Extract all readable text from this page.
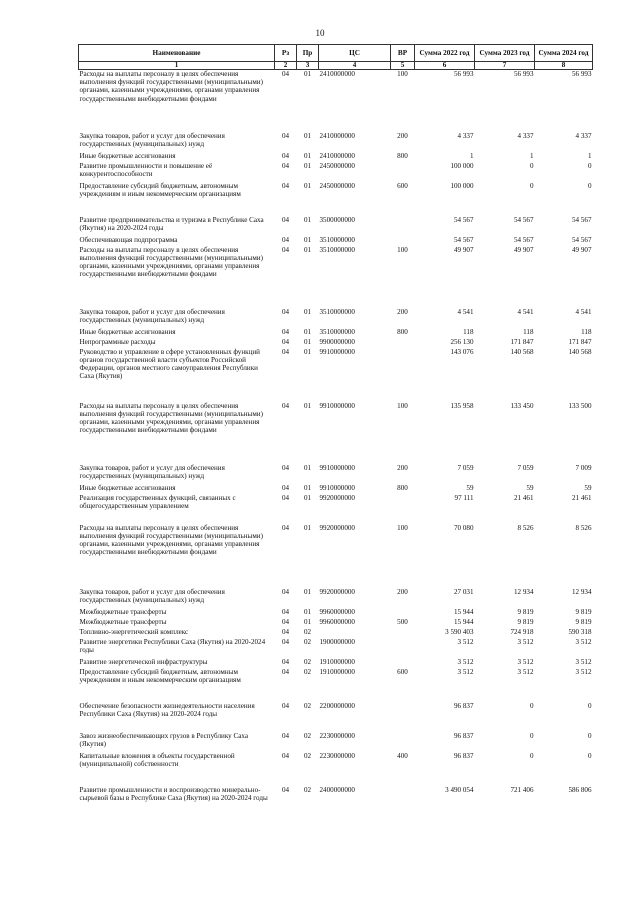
10
Наименование	Рз	Пр	ЦС	ВР	Сумма 2022 год	Сумма 2023 год	Сумма 2024 год
1	2	3	4	5	6	7	8
Расходы на выплаты персоналу в целях обеспечения выполнения функций государственными (муниципальными) органами, казенными учреждениями, органами управления государственными внебюджетными фондами	04	01	2410000000	100	56 993	56 993	56 993
Закупка товаров, работ и услуг для обеспечения государственных (муниципальных) нужд	04	01	2410000000	200	4 337	4 337	4 337
Иные бюджетные ассигнования	04	01	2410000000	800	1	1	1
Развитие промышленности и повышение её конкурентоспособности	04	01	2450000000		100 000	0	0
Предоставление субсидий бюджетным, автономным учреждениям и иным некоммерческим организациям	04	01	2450000000	600	100 000	0	0
Развитие предпринимательства и туризма в Республике Саха (Якутия) на 2020-2024 годы	04	01	3500000000		54 567	54 567	54 567
Обеспечивающая подпрограмма	04	01	3510000000		54 567	54 567	54 567
Расходы на выплаты персоналу в целях обеспечения выполнения функций государственными (муниципальными) органами, казенными учреждениями, органами управления государственными внебюджетными фондами	04	01	3510000000	100	49 907	49 907	49 907
Закупка товаров, работ и услуг для обеспечения государственных (муниципальных) нужд	04	01	3510000000	200	4 541	4 541	4 541
Иные бюджетные ассигнования	04	01	3510000000	800	118	118	118
Непрограммные расходы	04	01	9900000000		256 130	171 847	171 847
Руководство и управление в сфере установленных функций органов государственной власти субъектов Российской Федерации, органов местного самоуправления Республики Саха (Якутия)	04	01	9910000000		143 076	140 568	140 568
Расходы на выплаты персоналу в целях обеспечения выполнения функций государственными (муниципальными) органами, казенными учреждениями, органами управления государственными внебюджетными фондами	04	01	9910000000	100	135 958	133 450	133 500
Закупка товаров, работ и услуг для обеспечения государственных (муниципальных) нужд	04	01	9910000000	200	7 059	7 059	7 009
Иные бюджетные ассигнования	04	01	9910000000	800	59	59	59
Реализация государственных функций, связанных с общегосударственным управлением	04	01	9920000000		97 111	21 461	21 461
Расходы на выплаты персоналу в целях обеспечения выполнения функций государственными (муниципальными) органами, казенными учреждениями, органами управления государственными внебюджетными фондами	04	01	9920000000	100	70 080	8 526	8 526
Закупка товаров, работ и услуг для обеспечения государственных (муниципальных) нужд	04	01	9920000000	200	27 031	12 934	12 934
Межбюджетные трансферты	04	01	9960000000		15 944	9 819	9 819
Межбюджетные трансферты	04	01	9960000000	500	15 944	9 819	9 819
Топливно-энергетический комплекс	04	02			3 590 403	724 918	590 318
Развитие энергетики Республики Саха (Якутия) на 2020-2024 годы	04	02	1900000000		3 512	3 512	3 512
Развитие энергетической инфраструктуры	04	02	1910000000		3 512	3 512	3 512
Предоставление субсидий бюджетным, автономным учреждениям и иным некоммерческим организациям	04	02	1910000000	600	3 512	3 512	3 512
Обеспечение безопасности жизнедеятельности населения Республики Саха (Якутия) на 2020-2024 годы	04	02	2200000000		96 837	0	0
Завоз жизнеобеспечивающих грузов в Республику Саха (Якутия)	04	02	2230000000		96 837	0	0
Капитальные вложения в объекты государственной (муниципальной) собственности	04	02	2230000000	400	96 837	0	0
Развитие промышленности и воспроизводство минерально-сырьевой базы в Республике Саха (Якутия) на 2020-2024 годы	04	02	2400000000		3 490 054	721 406	586 806
